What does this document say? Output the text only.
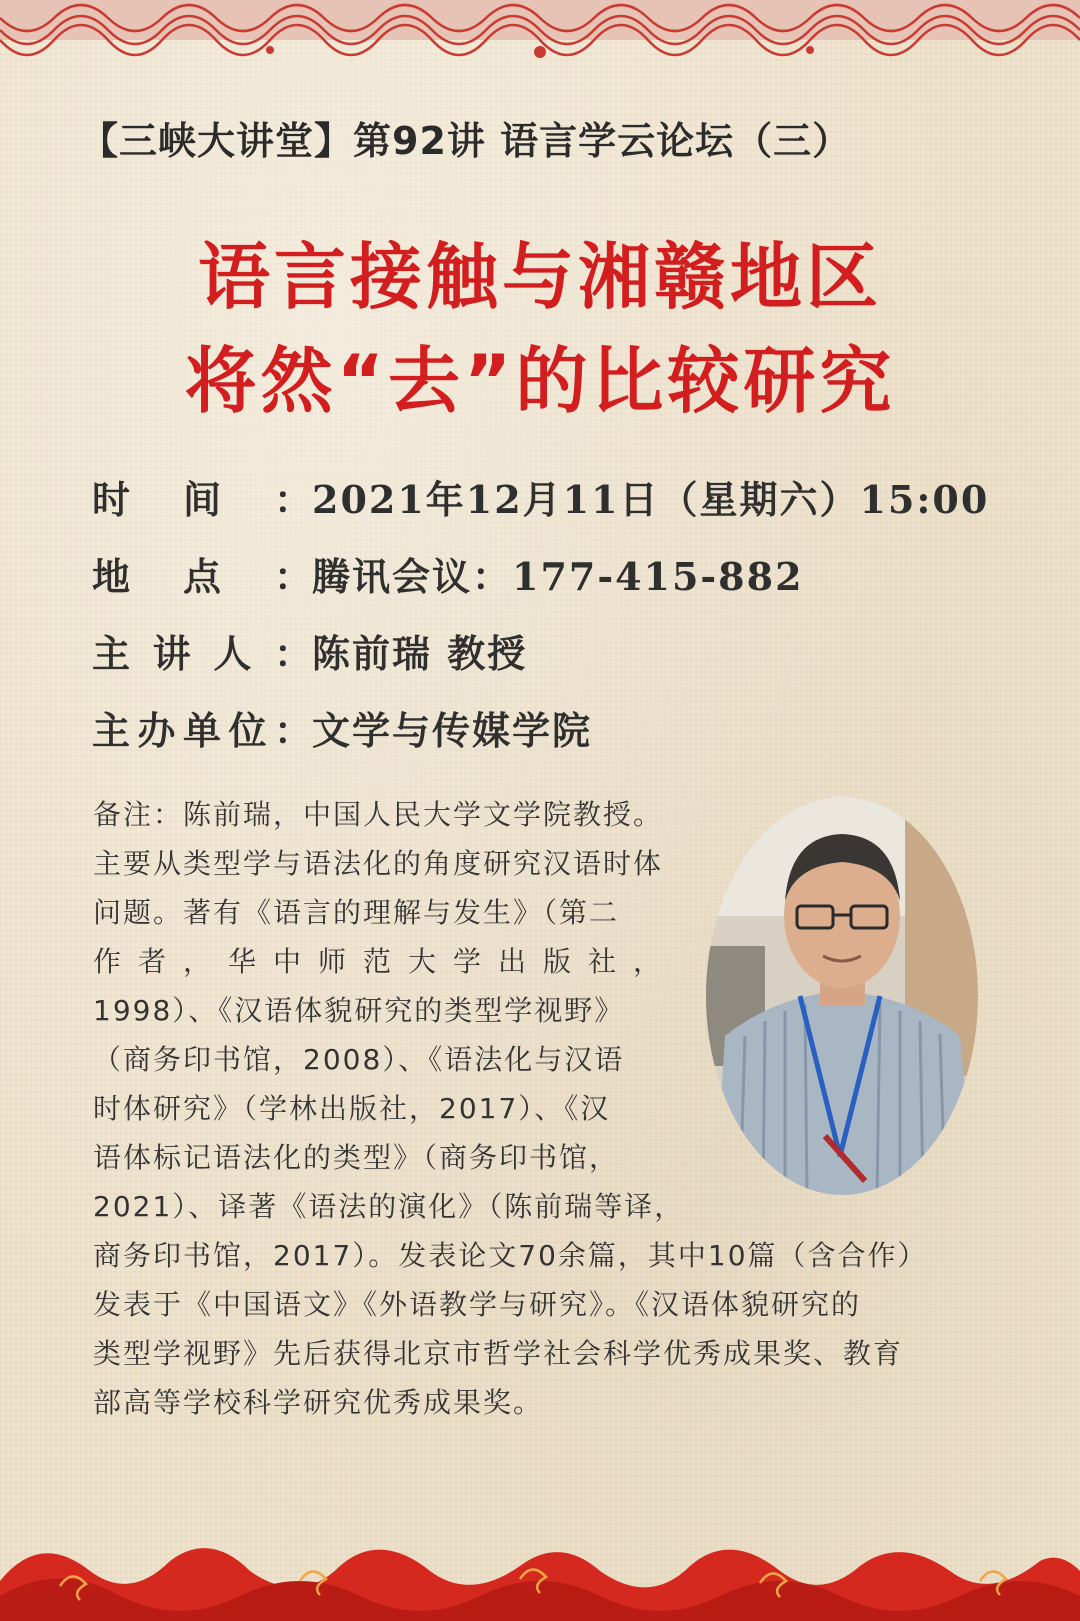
【三峡大讲堂】第92讲 语言学云论坛（三）
语言接触与湘赣地区
将然“去”的比较研究
时间：2021年12月11日（星期六）15:00
地点：腾讯会议：177-415-882
主讲人：陈前瑞 教授
主办单位：文学与传媒学院

备注：陈前瑞，中国人民大学文学院教授。

主要从类型学与语法化的角度研究汉语时体

问题。著有《语言的理解与发生》（第二

作者，华中师范大学出版社，

1998）、《汉语体貌研究的类型学视野》

（商务印书馆，2008）、《语法化与汉语

时体研究》（学林出版社，2017）、《汉

语体标记语法化的类型》（商务印书馆，

2021）、译著《语法的演化》（陈前瑞等译，

商务印书馆，2017）。发表论文70余篇，其中10篇（含合作）

发表于《中国语文》《外语教学与研究》。《汉语体貌研究的

类型学视野》先后获得北京市哲学社会科学优秀成果奖、教育

部高等学校科学研究优秀成果奖。
